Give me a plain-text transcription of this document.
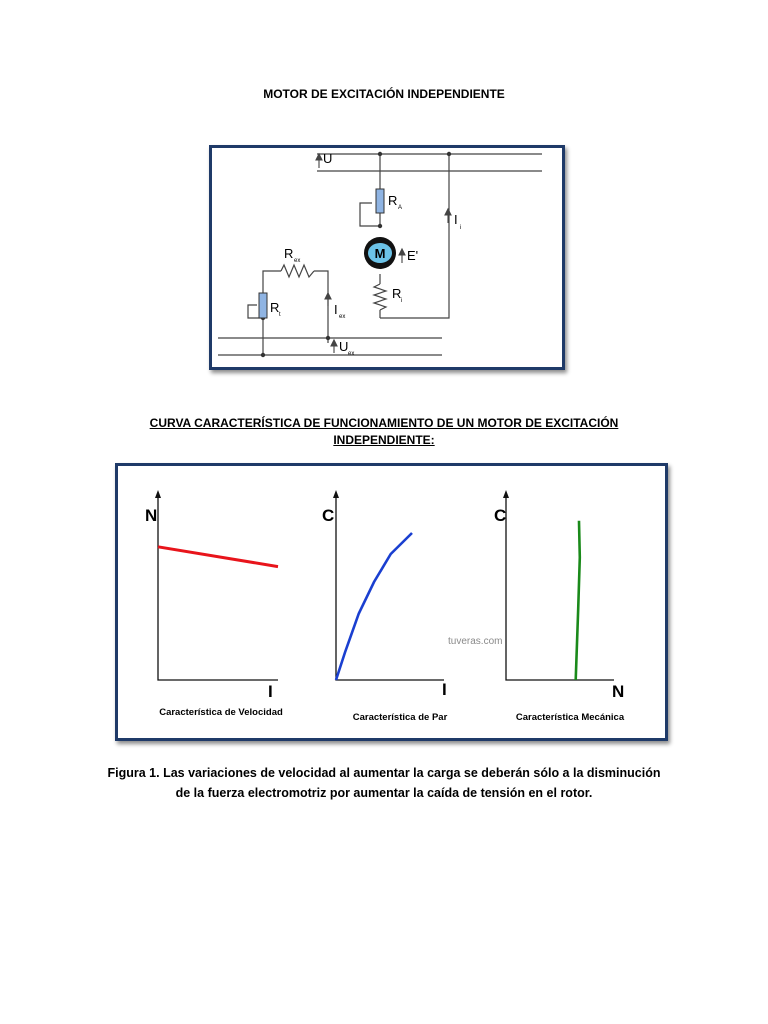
MOTOR DE EXCITACIÓN INDEPENDIENTE
U
R A
I
i
M E'
R i
R ex
R t	I ex
U ex
CURVA CARACTERÍSTICA DE FUNCIONAMIENTO DE UN MOTOR DE EXCITACIÓN INDEPENDIENTE:
N
I
C
I
C
N
Característica de Velocidad	Característica de Par	Característica Mecánica
tuveras.com
Figura 1. Las variaciones de velocidad al aumentar la carga se deberán sólo a la disminución
de la fuerza electromotriz por aumentar la caída de tensión en el rotor.
